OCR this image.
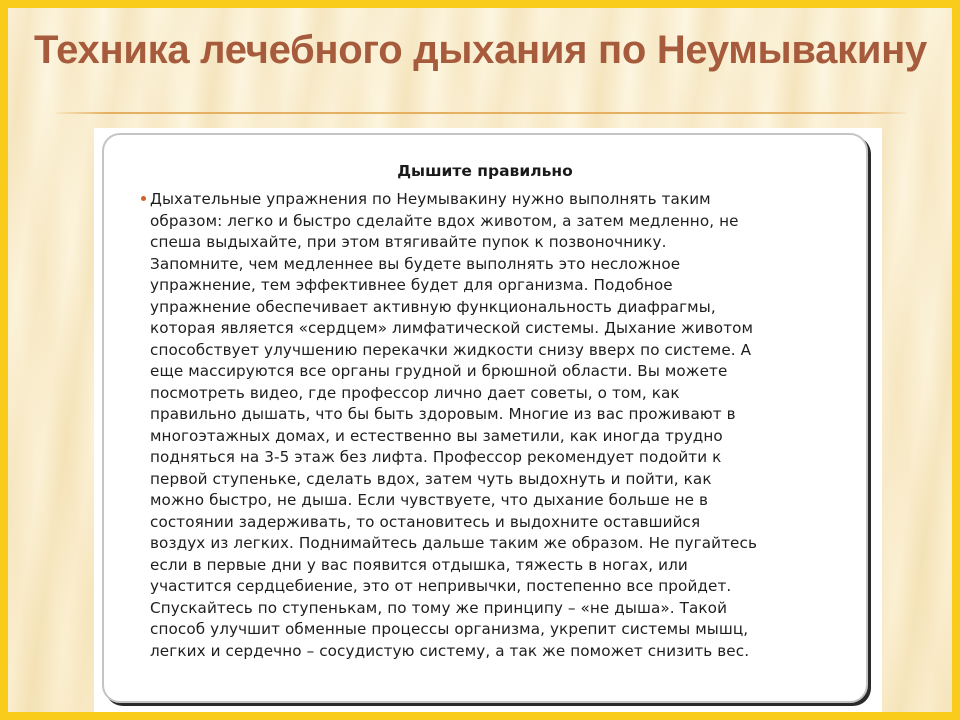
Техника лечебного дыхания по Неумывакину
Дышите правильно

Дыхательные упражнения по Неумывакину нужно выполнять таким
образом: легко и быстро сделайте вдох животом, а затем медленно, не
спеша выдыхайте, при этом втягивайте пупок к позвоночнику.
Запомните, чем медленнее вы будете выполнять это несложное
упражнение, тем эффективнее будет для организма. Подобное
упражнение обеспечивает активную функциональность диафрагмы,
которая является «сердцем» лимфатической системы. Дыхание животом
способствует улучшению перекачки жидкости снизу вверх по системе. А
еще массируются все органы грудной и брюшной области. Вы можете
посмотреть видео, где профессор лично дает советы, о том, как
правильно дышать, что бы быть здоровым. Многие из вас проживают в
многоэтажных домах, и естественно вы заметили, как иногда трудно
подняться на 3-5 этаж без лифта. Профессор рекомендует подойти к
первой ступеньке, сделать вдох, затем чуть выдохнуть и пойти, как
можно быстро, не дыша. Если чувствуете, что дыхание больше не в
состоянии задерживать, то остановитесь и выдохните оставшийся
воздух из легких. Поднимайтесь дальше таким же образом. Не пугайтесь
если в первые дни у вас появится отдышка, тяжесть в ногах, или
участится сердцебиение, это от непривычки, постепенно все пройдет.
Спускайтесь по ступенькам, по тому же принципу – «не дыша». Такой
способ улучшит обменные процессы организма, укрепит системы мышц,
легких и сердечно – сосудистую систему, а так же поможет снизить вес.
